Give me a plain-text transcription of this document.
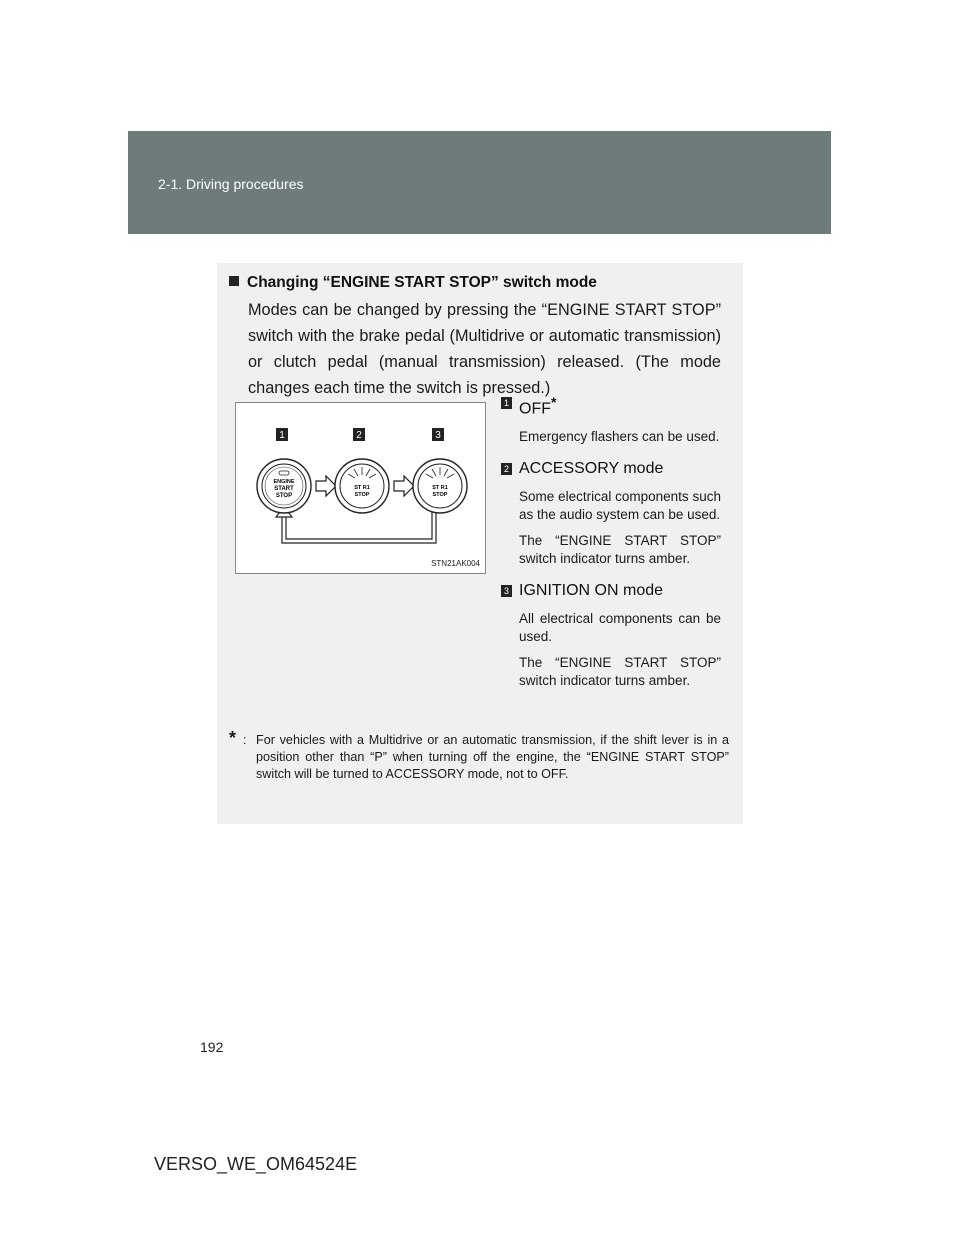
2-1. Driving procedures
Changing “ENGINE START STOP” switch mode
Modes can be changed by pressing the “ENGINE START STOP” switch with the brake pedal (Multidrive or automatic transmission) or clutch pedal (manual transmission) released. (The mode changes each time the switch is pressed.)
1	2	3
ENGINE
START
STOP
ST R1
STOP
ST R1
STOP
STN21AK004
1 OFF*
Emergency flashers can be used.
2 ACCESSORY mode
Some electrical components such as the audio system can be used.
The “ENGINE START STOP” switch indicator turns amber.
3 IGNITION ON mode
All electrical components can be used.
The “ENGINE START STOP” switch indicator turns amber.
* : For vehicles with a Multidrive or an automatic transmission, if the shift lever is in a position other than “P” when turning off the engine, the “ENGINE START STOP” switch will be turned to ACCESSORY mode, not to OFF.
192
VERSO_WE_OM64524E
